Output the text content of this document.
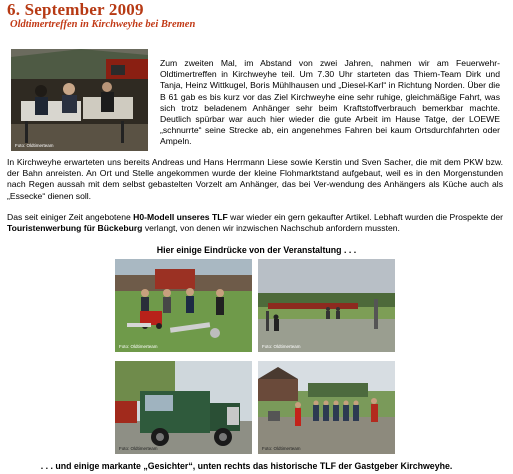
6. September 2009
Oldtimertreffen in Kirchweyhe bei Bremen
Foto: Oldtimerteam
Zum zweiten Mal, im Abstand von zwei Jahren, nahmen wir am Feuerwehr-Oldtimertreffen in Kirchweyhe teil. Um 7.30 Uhr starteten das Thiem-Team Dirk und Tanja, Heinz Wittkugel, Boris Mühlhausen und „Diesel-Karl“ in Richtung Norden. Über die B 61 gab es bis kurz vor das Ziel Kirchweyhe eine sehr ruhige, gleichmäßige Fahrt, was sich trotz beladenem Anhänger sehr beim Kraftstoffverbrauch bemerkbar machte. Deutlich spürbar war auch hier wieder die gute Arbeit im Hause Tatge, der LOEWE „schnurrte“ seine Strecke ab, ein angenehmes Fahren bei kaum Ortsdurchfahrten oder Ampeln.
In Kirchweyhe erwarteten uns bereits Andreas und Hans Herrmann Liese sowie Kerstin und Sven Sacher, die mit dem PKW bzw. der Bahn anreisten. An Ort und Stelle angekommen wurde der kleine Flohmarktstand aufgebaut, weil es in den Morgenstunden nach Regen aussah mit dem selbst gebastelten Vorzelt am Anhänger, das bei Ver-wendung des Anhängers als Küche auch als „Essecke“ dienen soll.
Das seit einiger Zeit angebotene H0-Modell unseres TLF war wieder ein gern gekaufter Artikel. Lebhaft wurden die Prospekte der Touristenwerbung für Bückeburg verlangt, von denen wir inzwischen Nachschub anfordern mussten.
Hier einige Eindrücke von der Veranstaltung . . .
Foto: Oldtimerteam	Foto: Oldtimerteam
Foto: Oldtimerteam	Foto: Oldtimerteam
. . . und einige markante „Gesichter“, unten rechts das historische TLF der Gastgeber Kirchweyhe.
